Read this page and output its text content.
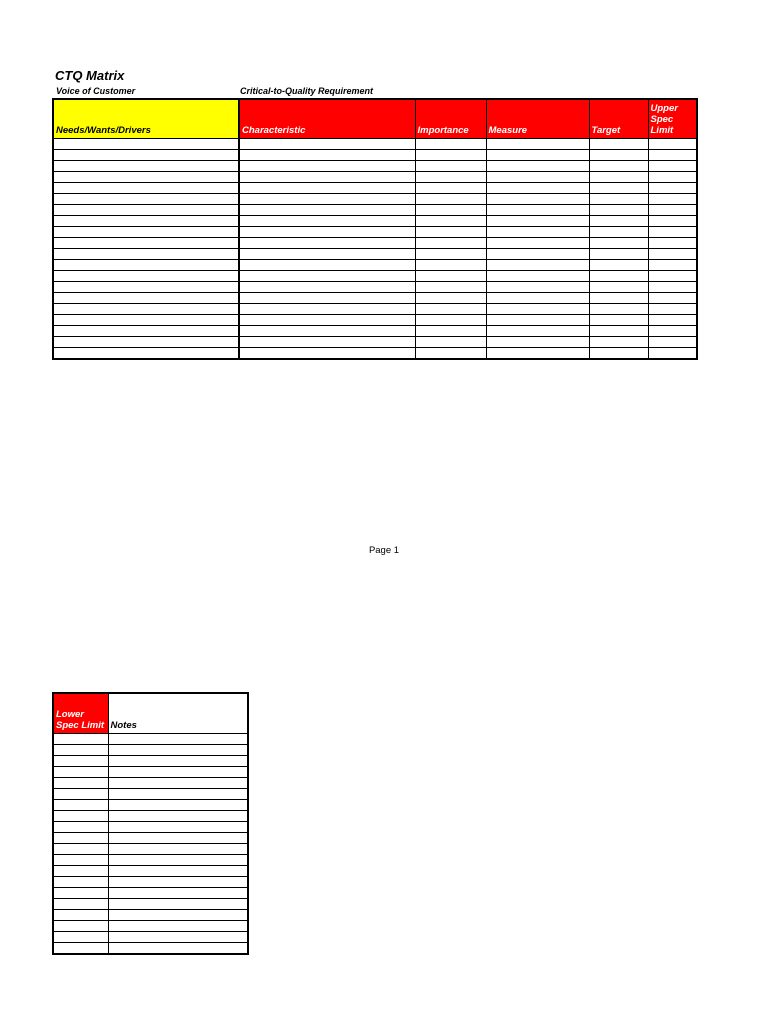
CTQ Matrix
Voice of Customer	Critical-to-Quality Requirement
Needs/Wants/Drivers	Characteristic	Importance	Measure	Target	Upper Spec Limit

Page 1
Lower Spec Limit	Notes
